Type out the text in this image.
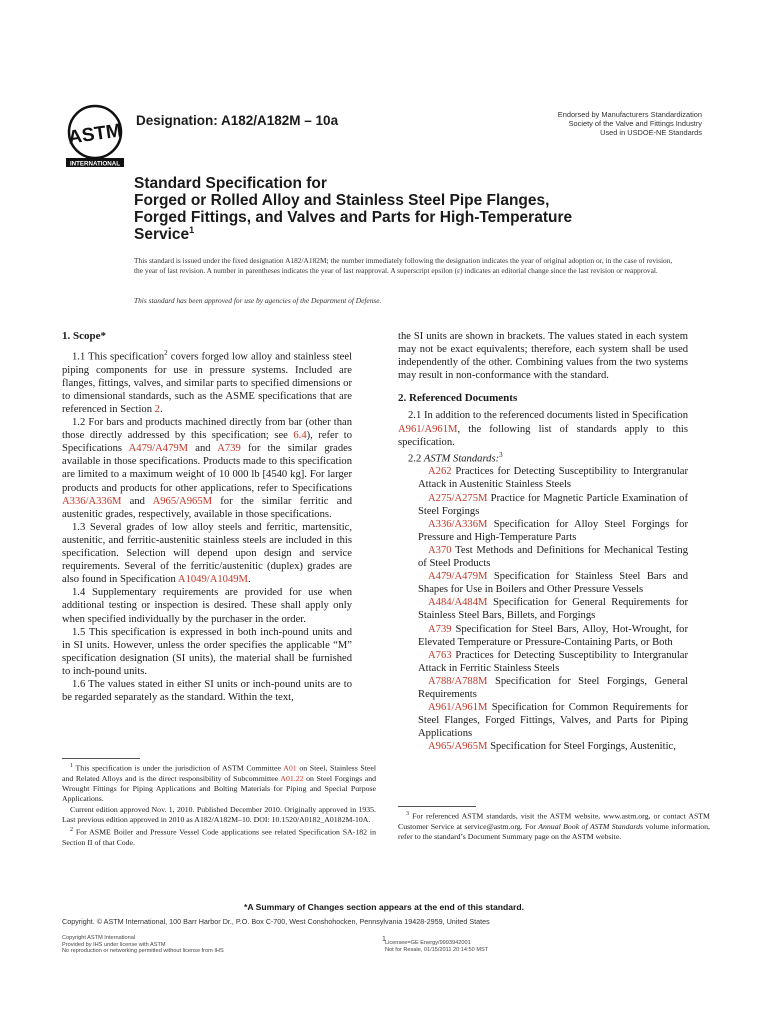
ASTM
INTERNATIONAL
Designation: A182/A182M – 10a	Endorsed by Manufacturers Standardization
Society of the Valve and Fittings Industry
Used in USDOE-NE Standards
Standard Specification for
Forged or Rolled Alloy and Stainless Steel Pipe Flanges,
Forged Fittings, and Valves and Parts for High-Temperature
Service$^1$
This standard is issued under the fixed designation A182/A182M; the number immediately following the designation indicates the year of original adoption or, in the case of revision, the year of last revision. A number in parentheses indicates the year of last reapproval. A superscript epsilon (ε) indicates an editorial change since the last revision or reapproval.
This standard has been approved for use by agencies of the Department of Defense.
1. Scope*

1.1 This specification$^2$ covers forged low alloy and stainless steel piping components for use in pressure systems. Included are flanges, fittings, valves, and similar parts to specified dimensions or to dimensional standards, such as the ASME specifications that are referenced in Section 2.

1.2 For bars and products machined directly from bar (other than those directly addressed by this specification; see 6.4), refer to Specifications A479/A479M and A739 for the similar grades available in those specifications. Products made to this specification are limited to a maximum weight of 10 000 lb [4540 kg]. For larger products and products for other applications, refer to Specifications A336/A336M and A965/A965M for the similar ferritic and austenitic grades, respectively, available in those specifications.

1.3 Several grades of low alloy steels and ferritic, martensitic, austenitic, and ferritic-austenitic stainless steels are included in this specification. Selection will depend upon design and service requirements. Several of the ferritic/austenitic (duplex) grades are also found in Specification A1049/A1049M.

1.4 Supplementary requirements are provided for use when additional testing or inspection is desired. These shall apply only when specified individually by the purchaser in the order.

1.5 This specification is expressed in both inch-pound units and in SI units. However, unless the order specifies the applicable “M” specification designation (SI units), the material shall be furnished to inch-pound units.

1.6 The values stated in either SI units or inch-pound units are to be regarded separately as the standard. Within the text,

the SI units are shown in brackets. The values stated in each system may not be exact equivalents; therefore, each system shall be used independently of the other. Combining values from the two systems may result in non-conformance with the standard.

2. Referenced Documents

2.1 In addition to the referenced documents listed in Specification A961/A961M, the following list of standards apply to this specification.

2.2 ASTM Standards:$^3$

A262 Practices for Detecting Susceptibility to Intergranular Attack in Austenitic Stainless Steels

A275/A275M Practice for Magnetic Particle Examination of Steel Forgings

A336/A336M Specification for Alloy Steel Forgings for Pressure and High-Temperature Parts

A370 Test Methods and Definitions for Mechanical Testing of Steel Products

A479/A479M Specification for Stainless Steel Bars and Shapes for Use in Boilers and Other Pressure Vessels

A484/A484M Specification for General Requirements for Stainless Steel Bars, Billets, and Forgings

A739 Specification for Steel Bars, Alloy, Hot-Wrought, for Elevated Temperature or Pressure-Containing Parts, or Both

A763 Practices for Detecting Susceptibility to Intergranular Attack in Ferritic Stainless Steels

A788/A788M Specification for Steel Forgings, General Requirements

A961/A961M Specification for Common Requirements for Steel Flanges, Forged Fittings, Valves, and Parts for Piping Applications

A965/A965M Specification for Steel Forgings, Austenitic,

$^1$ This specification is under the jurisdiction of ASTM Committee A01 on Steel, Stainless Steel and Related Alloys and is the direct responsibility of Subcommittee A01.22 on Steel Forgings and Wrought Fittings for Piping Applications and Bolting Materials for Piping and Special Purpose Applications.

Current edition approved Nov. 1, 2010. Published December 2010. Originally approved in 1935. Last previous edition approved in 2010 as A182/A182M–10. DOI: 10.1520/A0182_A0182M-10A.

$^2$ For ASME Boiler and Pressure Vessel Code applications see related Specification SA-182 in Section II of that Code.

$^3$ For referenced ASTM standards, visit the ASTM website, www.astm.org, or contact ASTM Customer Service at service@astm.org. For Annual Book of ASTM Standards volume information, refer to the standard’s Document Summary page on the ASTM website.

*A Summary of Changes section appears at the end of this standard.
Copyright. © ASTM International, 100 Barr Harbor Dr., P.O. Box C-700, West Conshohocken, Pennsylvania 19428-2959, United States
Copyright ASTM International
Provided by IHS under license with ASTM
No reproduction or networking permitted without license from IHS
1 Licensee=GE Energy/9993942001
Not for Resale, 01/15/2011 20:14:50 MST
